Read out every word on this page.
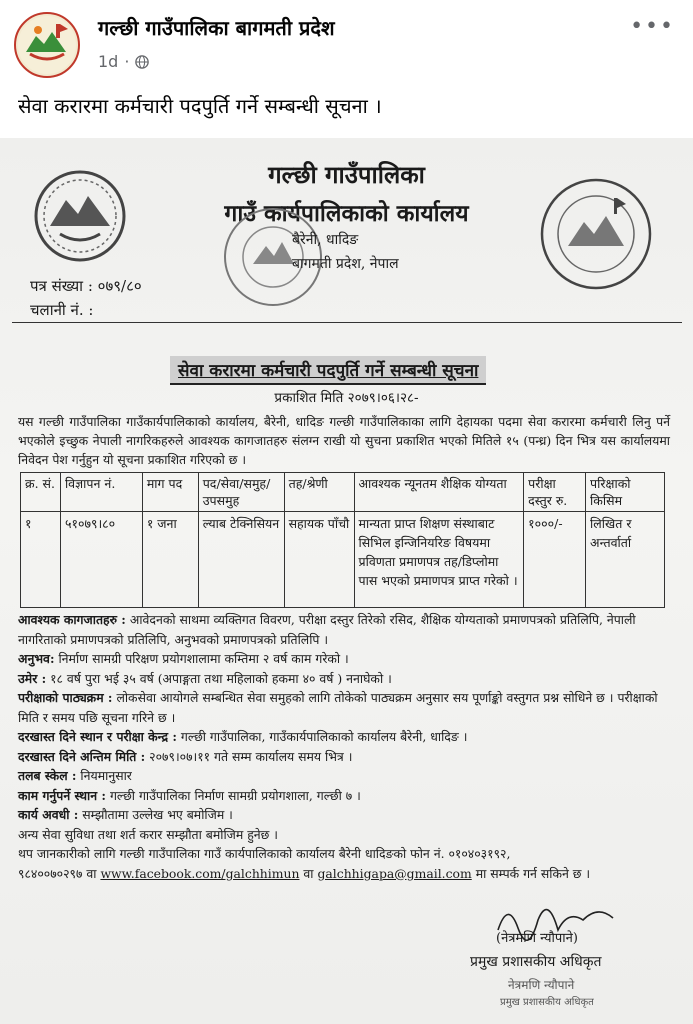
गल्छी गाउँपालिका बागमती प्रदेश
1d ·
•••
सेवा करारमा कर्मचारी पदपुर्ति गर्ने सम्बन्धी सूचना ।
गल्छी गाउँपालिका
गाउँ कार्यपालिकाको कार्यालय
बैरेनी, धादिङ
बागमती प्रदेश, नेपाल
पत्र संख्या : ०७९/८०
चलानी नं. :
सेवा करारमा कर्मचारी पदपुर्ति गर्ने सम्बन्धी सूचना
प्रकाशित मिति २०७९।०६।२८-
यस गल्छी गाउँपालिका गाउँकार्यपालिकाको कार्यालय, बैरेनी, धादिङ गल्छी गाउँपालिकाका लागि देहायका पदमा सेवा करारमा कर्मचारी लिनु पर्ने भएकोले इच्छुक नेपाली नागरिकहरुले आवश्यक कागजातहरु संलग्न राखी यो सुचना प्रकाशित भएको मितिले १५ (पन्ध्र) दिन भित्र यस कार्यालयमा निवेदन पेश गर्नुहुन यो सूचना प्रकाशित गरिएको छ ।
क्र. सं.	विज्ञापन नं.	माग पद	पद/सेवा/समुह/उपसमुह	तह/श्रेणी	आवश्यक न्यूनतम शैक्षिक योग्यता	परीक्षा दस्तुर रु.	परिक्षाको किसिम
१	५१०७९।८०	१ जना	ल्याब टेक्निसियन	सहायक पाँचौ	मान्यता प्राप्त शिक्षण संस्थाबाट सिभिल इन्जिनियरिङ विषयमा प्रविणता प्रमाणपत्र तह/डिप्लोमा पास भएको प्रमाणपत्र प्राप्त गरेको ।	१०००/-	लिखित र अन्तर्वार्ता
आवश्यक कागजातहरु : आवेदनको साथमा व्यक्तिगत विवरण, परीक्षा दस्तुर तिरेको रसिद, शैक्षिक योग्यताको प्रमाणपत्रको प्रतिलिपि, नेपाली नागरिताको प्रमाणपत्रको प्रतिलिपि, अनुभवको प्रमाणपत्रको प्रतिलिपि ।
अनुभव: निर्माण सामग्री परिक्षण प्रयोगशालामा कम्तिमा २ वर्ष काम गरेको ।
उमेर : १८ वर्ष पुरा भई ३५ वर्ष (अपाङ्गता तथा महिलाको हकमा ४० वर्ष ) ननाघेको ।
परीक्षाको पाठ्यक्रम : लोकसेवा आयोगले सम्बन्धित सेवा समुहको लागि तोकेको पाठ्यक्रम अनुसार सय पूर्णाङ्को वस्तुगत प्रश्न सोधिने छ । परीक्षाको मिति र समय पछि सूचना गरिने छ ।
दरखास्त दिने स्थान र परीक्षा केन्द्र : गल्छी गाउँपालिका, गाउँकार्यपालिकाको कार्यालय बैरेनी, धादिङ ।
दरखास्त दिने अन्तिम मिति : २०७९।०७।११ गते सम्म कार्यालय समय भित्र ।
तलब स्केल : नियमानुसार
काम गर्नुपर्ने स्थान : गल्छी गाउँपालिका निर्माण सामग्री प्रयोगशाला, गल्छी ७ ।
कार्य अवधी : सम्झौतामा उल्लेख भए बमोजिम ।
अन्य सेवा सुविधा तथा शर्त करार सम्झौता बमोजिम हुनेछ ।
थप जानकारीको लागि गल्छी गाउँपालिका गाउँ कार्यपालिकाको कार्यालय बैरेनी धादिङको फोन नं. ०१०४०३१९२,
९८४००७०२९७ वा www.facebook.com/galchhimun वा galchhigapa@gmail.com मा सम्पर्क गर्न सकिने छ ।
(नेत्रमणि न्यौपाने)
प्रमुख प्रशासकीय अधिकृत
नेत्रमणि न्यौपाने
प्रमुख प्रशासकीय अधिकृत
